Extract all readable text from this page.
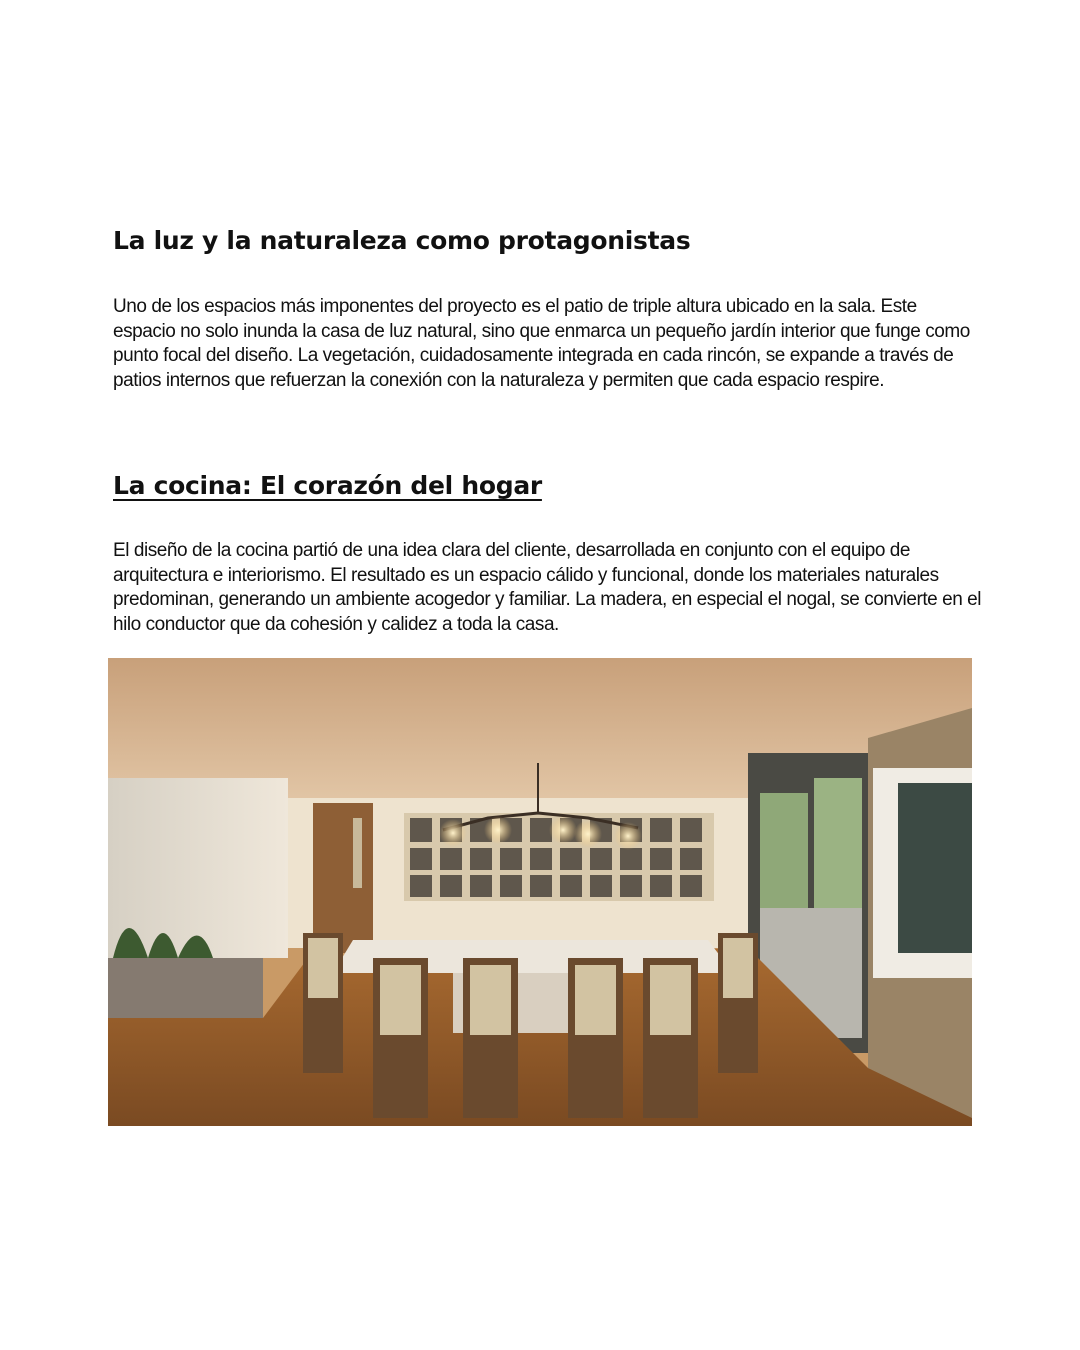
La luz y la naturaleza como protagonistas

Uno de los espacios más imponentes del proyecto es el patio de triple altura ubicado en la sala. Este espacio no solo inunda la casa de luz natural, sino que enmarca un pequeño jardín interior que funge como punto focal del diseño. La vegetación, cuidadosamente integrada en cada rincón, se expande a través de patios internos que refuerzan la conexión con la naturaleza y permiten que cada espacio respire.

La cocina: El corazón del hogar

El diseño de la cocina partió de una idea clara del cliente, desarrollada en conjunto con el equipo de arquitectura e interiorismo. El resultado es un espacio cálido y funcional, donde los materiales naturales predominan, generando un ambiente acogedor y familiar. La madera, en especial el nogal, se convierte en el hilo conductor que da cohesión y calidez a toda la casa.
